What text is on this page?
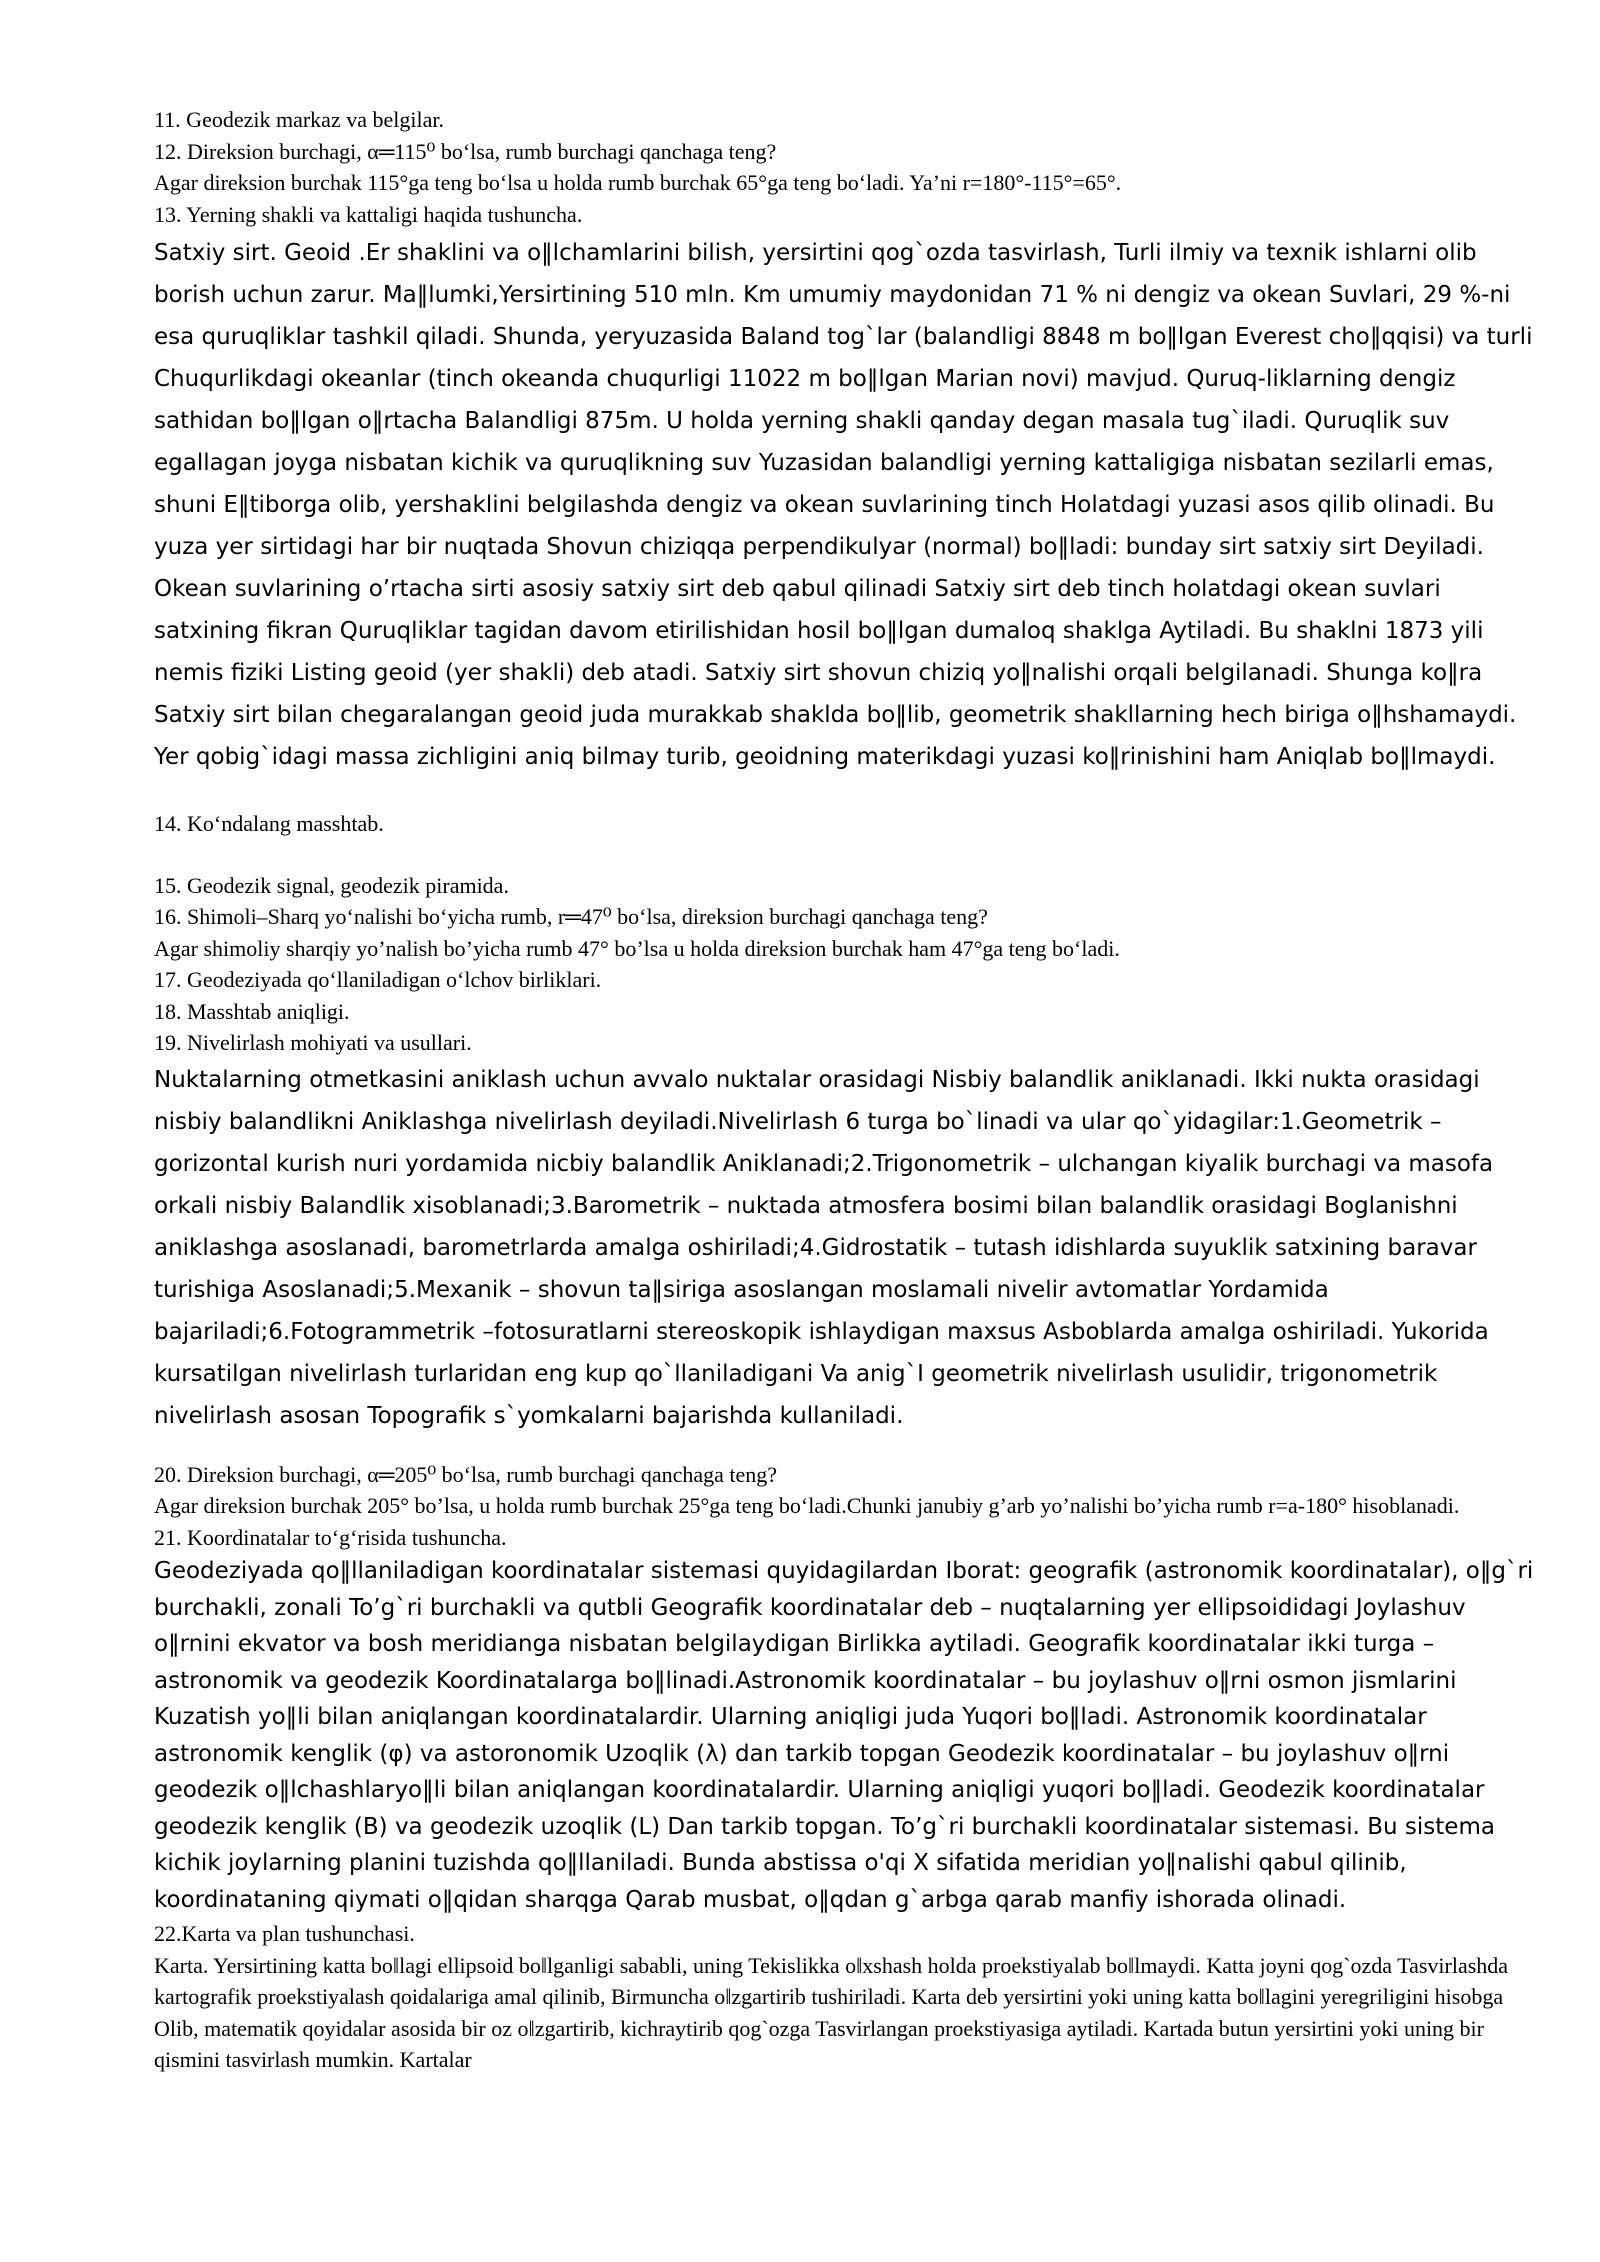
11. Geodezik markaz va belgilar.

12. Direksion burchagi, α═115⁰ bo‘lsa, rumb burchagi qanchaga teng?

Agar direksion burchak 115°ga teng bo‘lsa u holda rumb burchak 65°ga teng bo‘ladi. Ya’ni r=180°-115°=65°.

13. Yerning shakli va kattaligi haqida tushuncha.

Satxiy sirt. Geoid .Er shaklini va o‖lchamlarini bilish, yersirtini qog`ozda tasvirlash, Turli ilmiy va texnik ishlarni olib borish uchun zarur. Ma‖lumki,Yersirtining 510 mln. Km umumiy maydonidan 71 % ni dengiz va okean Suvlari, 29 %-ni esa quruqliklar tashkil qiladi. Shunda, yeryuzasida Baland tog`lar (balandligi 8848 m bo‖lgan Everest cho‖qqisi) va turli Chuqurlikdagi okeanlar (tinch okeanda chuqurligi 11022 m bo‖lgan Marian novi) mavjud. Quruq-liklarning dengiz sathidan bo‖lgan o‖rtacha Balandligi 875m. U holda yerning shakli qanday degan masala tug`iladi. Quruqlik suv egallagan joyga nisbatan kichik va quruqlikning suv Yuzasidan balandligi yerning kattaligiga nisbatan sezilarli emas, shuni E‖tiborga olib, yershaklini belgilashda dengiz va okean suvlarining tinch Holatdagi yuzasi asos qilib olinadi. Bu yuza yer sirtidagi har bir nuqtada Shovun chiziqqa perpendikulyar (normal) bo‖ladi: bunday sirt satxiy sirt Deyiladi. Okean suvlarining o’rtacha sirti asosiy satxiy sirt deb qabul qilinadi Satxiy sirt deb tinch holatdagi okean suvlari satxining fikran Quruqliklar tagidan davom etirilishidan hosil bo‖lgan dumaloq shaklga Aytiladi. Bu shaklni 1873 yili nemis fiziki Listing geoid (yer shakli) deb atadi. Satxiy sirt shovun chiziq yo‖nalishi orqali belgilanadi. Shunga ko‖ra Satxiy sirt bilan chegaralangan geoid juda murakkab shaklda bo‖lib, geometrik shakllarning hech biriga o‖hshamaydi. Yer qobig`idagi massa zichligini aniq bilmay turib, geoidning materikdagi yuzasi ko‖rinishini ham Aniqlab bo‖lmaydi.

14. Ko‘ndalang masshtab.

15. Geodezik signal, geodezik piramida.

16. Shimoli–Sharq yo‘nalishi bo‘yicha rumb, r═47⁰ bo‘lsa, direksion burchagi qanchaga teng?

Agar shimoliy sharqiy yo’nalish bo’yicha rumb 47° bo’lsa u holda direksion burchak ham 47°ga teng bo‘ladi.

17. Geodeziyada qo‘llaniladigan o‘lchov birliklari.

18. Masshtab aniqligi.

19. Nivelirlash mohiyati va usullari.

Nuktalarning otmetkasini aniklash uchun avvalo nuktalar orasidagi Nisbiy balandlik aniklanadi. Ikki nukta orasidagi nisbiy balandlikni Aniklashga nivelirlash deyiladi.Nivelirlash 6 turga bo`linadi va ular qo`yidagilar:1.Geometrik – gorizontal kurish nuri yordamida nicbiy balandlik Aniklanadi;2.Trigonometrik – ulchangan kiyalik burchagi va masofa orkali nisbiy Balandlik xisoblanadi;3.Barometrik – nuktada atmosfera bosimi bilan balandlik orasidagi Boglanishni aniklashga asoslanadi, barometrlarda amalga oshiriladi;4.Gidrostatik – tutash idishlarda suyuklik satxining baravar turishiga Asoslanadi;5.Mexanik – shovun ta‖siriga asoslangan moslamali nivelir avtomatlar Yordamida bajariladi;6.Fotogrammetrik –fotosuratlarni stereoskopik ishlaydigan maxsus Asboblarda amalga oshiriladi. Yukorida kursatilgan nivelirlash turlaridan eng kup qo`llaniladigani Va anig`I geometrik nivelirlash usulidir, trigonometrik nivelirlash asosan Topografik s`yomkalarni bajarishda kullaniladi.

20. Direksion burchagi, α═205⁰ bo‘lsa, rumb burchagi qanchaga teng?

Agar direksion burchak 205° bo’lsa, u holda rumb burchak 25°ga teng bo‘ladi.Chunki janubiy g’arb yo’nalishi bo’yicha rumb r=a-180° hisoblanadi.

21. Koordinatalar to‘g‘risida tushuncha.

Geodeziyada qo‖llaniladigan koordinatalar sistemasi quyidagilardan Iborat: geografik (astronomik koordinatalar), o‖g`ri burchakli, zonali To’g`ri burchakli va qutbli Geografik koordinatalar deb – nuqtalarning yer ellipsoididagi Joylashuv o‖rnini ekvator va bosh meridianga nisbatan belgilaydigan Birlikka aytiladi. Geografik koordinatalar ikki turga – astronomik va geodezik Koordinatalarga bo‖linadi.Astronomik koordinatalar – bu joylashuv o‖rni osmon jismlarini Kuzatish yo‖li bilan aniqlangan koordinatalardir. Ularning aniqligi juda Yuqori bo‖ladi. Astronomik koordinatalar astronomik kenglik (φ) va astoronomik Uzoqlik (λ) dan tarkib topgan Geodezik koordinatalar – bu joylashuv o‖rni geodezik o‖lchashlaryo‖li bilan aniqlangan koordinatalardir. Ularning aniqligi yuqori bo‖ladi. Geodezik koordinatalar geodezik kenglik (B) va geodezik uzoqlik (L) Dan tarkib topgan. To’g`ri burchakli koordinatalar sistemasi. Bu sistema kichik joylarning planini tuzishda qo‖llaniladi. Bunda abstissa o'qi X sifatida meridian yo‖nalishi qabul qilinib, koordinataning qiymati o‖qidan sharqga Qarab musbat, o‖qdan g`arbga qarab manfiy ishorada olinadi.

22.Karta va plan tushunchasi.

Karta. Yersirtining katta bo‖lagi ellipsoid bo‖lganligi sababli, uning Tekislikka o‖xshash holda proekstiyalab bo‖lmaydi. Katta joyni qog`ozda Tasvirlashda kartografik proekstiyalash qoidalariga amal qilinib, Birmuncha o‖zgartirib tushiriladi. Karta deb yersirtini yoki uning katta bo‖lagini yeregriligini hisobga Olib, matematik qoyidalar asosida bir oz o‖zgartirib, kichraytirib qog`ozga Tasvirlangan proekstiyasiga aytiladi. Kartada butun yersirtini yoki uning bir qismini tasvirlash mumkin. Kartalar
